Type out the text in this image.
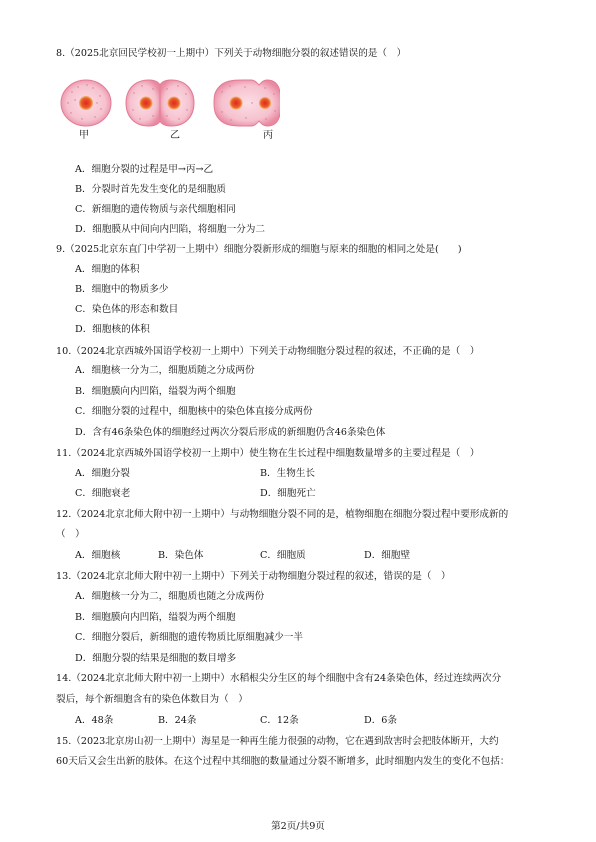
8.（2025北京回民学校初一上期中）下列关于动物细胞分裂的叙述错误的是（　）
甲	乙	丙
A．细胞分裂的过程是甲→丙→乙
B．分裂时首先发生变化的是细胞质
C．新细胞的遗传物质与亲代细胞相同
D．细胞膜从中间向内凹陷，将细胞一分为二
9.（2025北京东直门中学初一上期中）细胞分裂新形成的细胞与原来的细胞的相同之处是(　　)
A．细胞的体积
B．细胞中的物质多少
C．染色体的形态和数目
D．细胞核的体积
10.（2024北京西城外国语学校初一上期中）下列关于动物细胞分裂过程的叙述，不正确的是（　）
A．细胞核一分为二，细胞质随之分成两份
B．细胞膜向内凹陷，缢裂为两个细胞
C．细胞分裂的过程中，细胞核中的染色体直接分成两份
D．含有46条染色体的细胞经过两次分裂后形成的新细胞仍含46条染色体
11.（2024北京西城外国语学校初一上期中）使生物在生长过程中细胞数量增多的主要过程是（　）
A．细胞分裂	B．生物生长
C．细胞衰老	D．细胞死亡
12.（2024北京北师大附中初一上期中）与动物细胞分裂不同的是，植物细胞在细胞分裂过程中要形成新的
（　）
A．细胞核	B．染色体	C．细胞质	D．细胞壁
13.（2024北京北师大附中初一上期中）下列关于动物细胞分裂过程的叙述，错误的是（　）
A．细胞核一分为二，细胞质也随之分成两份
B．细胞膜向内凹陷，缢裂为两个细胞
C．细胞分裂后，新细胞的遗传物质比原细胞减少一半
D．细胞分裂的结果是细胞的数目增多
14.（2024北京北师大附中初一上期中）水稻根尖分生区的每个细胞中含有24条染色体，经过连续两次分
裂后，每个新细胞含有的染色体数目为（　）
A．48条	B．24条	C．12条	D．6条
15.（2023北京房山初一上期中）海星是一种再生能力很强的动物，它在遇到敌害时会把肢体断开，大约
60天后又会生出新的肢体。在这个过程中其细胞的数量通过分裂不断增多，此时细胞内发生的变化不包括：
第2页/共9页
